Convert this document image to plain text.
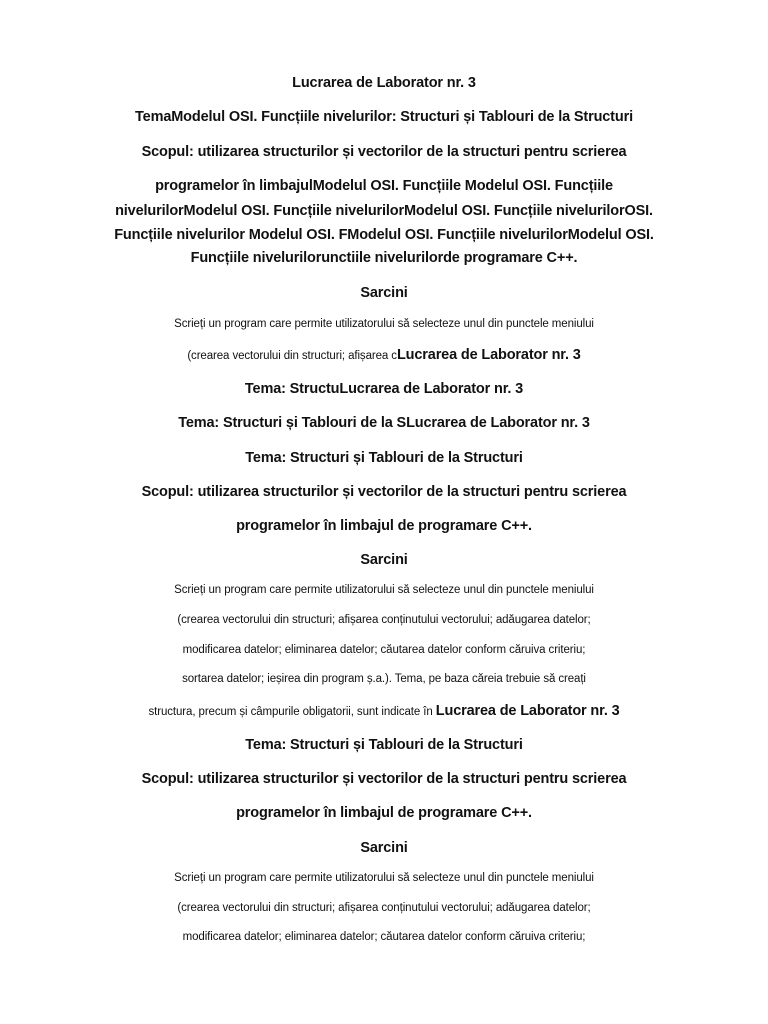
Lucrarea de Laborator nr. 3
TemaModelul OSI. Funcțiile nivelurilor: Structuri și Tablouri de la Structuri
Scopul: utilizarea structurilor și vectorilor de la structuri pentru scrierea
programelor în limbajulModelul OSI. Funcțiile Modelul OSI. Funcțiile
nivelurilorModelul OSI. Funcțiile nivelurilorModelul OSI. Funcțiile nivelurilorOSI.
Funcțiile nivelurilor Modelul OSI. FModelul OSI. Funcțiile nivelurilorModelul OSI.
Funcțiile nivelurilorunctiile nivelurilorde programare C++.
Sarcini
Scrieți un program care permite utilizatorului să selecteze unul din punctele meniului
(crearea vectorului din structuri; afișarea cLucrarea de Laborator nr. 3
Tema: StructuLucrarea de Laborator nr. 3
Tema: Structuri și Tablouri de la SLucrarea de Laborator nr. 3
Tema: Structuri și Tablouri de la Structuri
Scopul: utilizarea structurilor și vectorilor de la structuri pentru scrierea
programelor în limbajul de programare C++.
Sarcini
Scrieți un program care permite utilizatorului să selecteze unul din punctele meniului
(crearea vectorului din structuri; afișarea conținutului vectorului; adăugarea datelor;
modificarea datelor; eliminarea datelor; căutarea datelor conform căruiva criteriu;
sortarea datelor; ieșirea din program ș.a.). Tema, pe baza căreia trebuie să creați
structura, precum și câmpurile obligatorii, sunt indicate în Lucrarea de Laborator nr. 3
Tema: Structuri și Tablouri de la Structuri
Scopul: utilizarea structurilor și vectorilor de la structuri pentru scrierea
programelor în limbajul de programare C++.
Sarcini
Scrieți un program care permite utilizatorului să selecteze unul din punctele meniului
(crearea vectorului din structuri; afișarea conținutului vectorului; adăugarea datelor;
modificarea datelor; eliminarea datelor; căutarea datelor conform căruiva criteriu;
